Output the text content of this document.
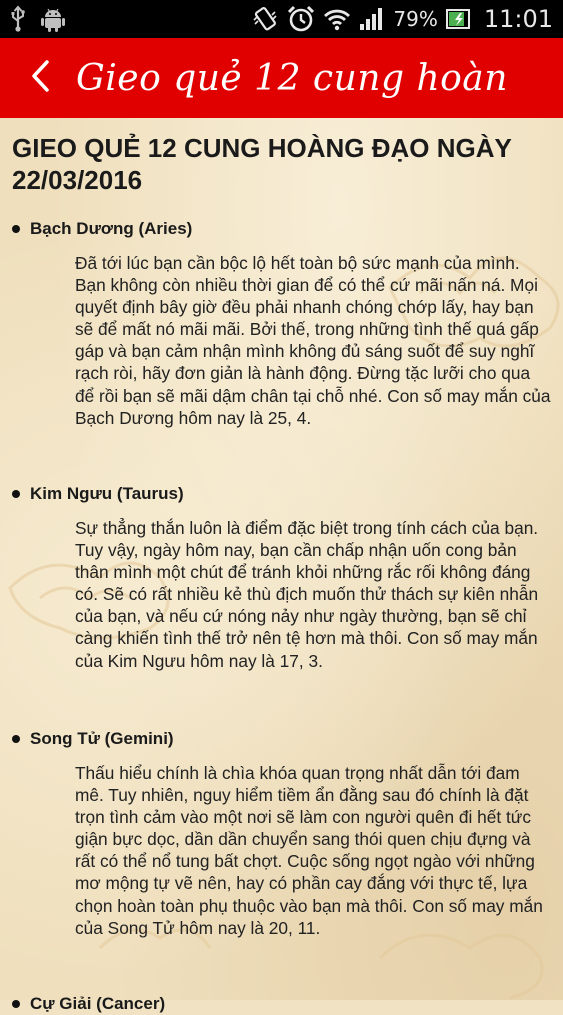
79% 11:01
Gieo quẻ 12 cung hoàn
GIEO QUẺ 12 CUNG HOÀNG ĐẠO NGÀY 22/03/2016
Bạch Dương (Aries)

Đã tới lúc bạn cần bộc lộ hết toàn bộ sức mạnh của mình. Bạn không còn nhiều thời gian để có thể cứ mãi nấn ná. Mọi quyết định bây giờ đều phải nhanh chóng chớp lấy, hay bạn sẽ để mất nó mãi mãi. Bởi thế, trong những tình thế quá gấp gáp và bạn cảm nhận mình không đủ sáng suốt để suy nghĩ rạch ròi, hãy đơn giản là hành động. Đừng tặc lưỡi cho qua để rồi bạn sẽ mãi dậm chân tại chỗ nhé. Con số may mắn của Bạch Dương hôm nay là 25, 4.

Kim Ngưu (Taurus)

Sự thẳng thắn luôn là điểm đặc biệt trong tính cách của bạn. Tuy vậy, ngày hôm nay, bạn cần chấp nhận uốn cong bản thân mình một chút để tránh khỏi những rắc rối không đáng có. Sẽ có rất nhiều kẻ thù địch muốn thử thách sự kiên nhẫn của bạn, và nếu cứ nóng nảy như ngày thường, bạn sẽ chỉ càng khiến tình thế trở nên tệ hơn mà thôi. Con số may mắn của Kim Ngưu hôm nay là 17, 3.

Song Tử (Gemini)

Thấu hiểu chính là chìa khóa quan trọng nhất dẫn tới đam mê. Tuy nhiên, nguy hiểm tiềm ẩn đằng sau đó chính là đặt trọn tình cảm vào một nơi sẽ làm con người quên đi hết tức giận bực dọc, dần dần chuyển sang thói quen chịu đựng và rất có thể nổ tung bất chợt. Cuộc sống ngọt ngào với những mơ mộng tự vẽ nên, hay có phần cay đắng với thực tế, lựa chọn hoàn toàn phụ thuộc vào bạn mà thôi. Con số may mắn của Song Tử hôm nay là 20, 11.

Cự Giải (Cancer)
